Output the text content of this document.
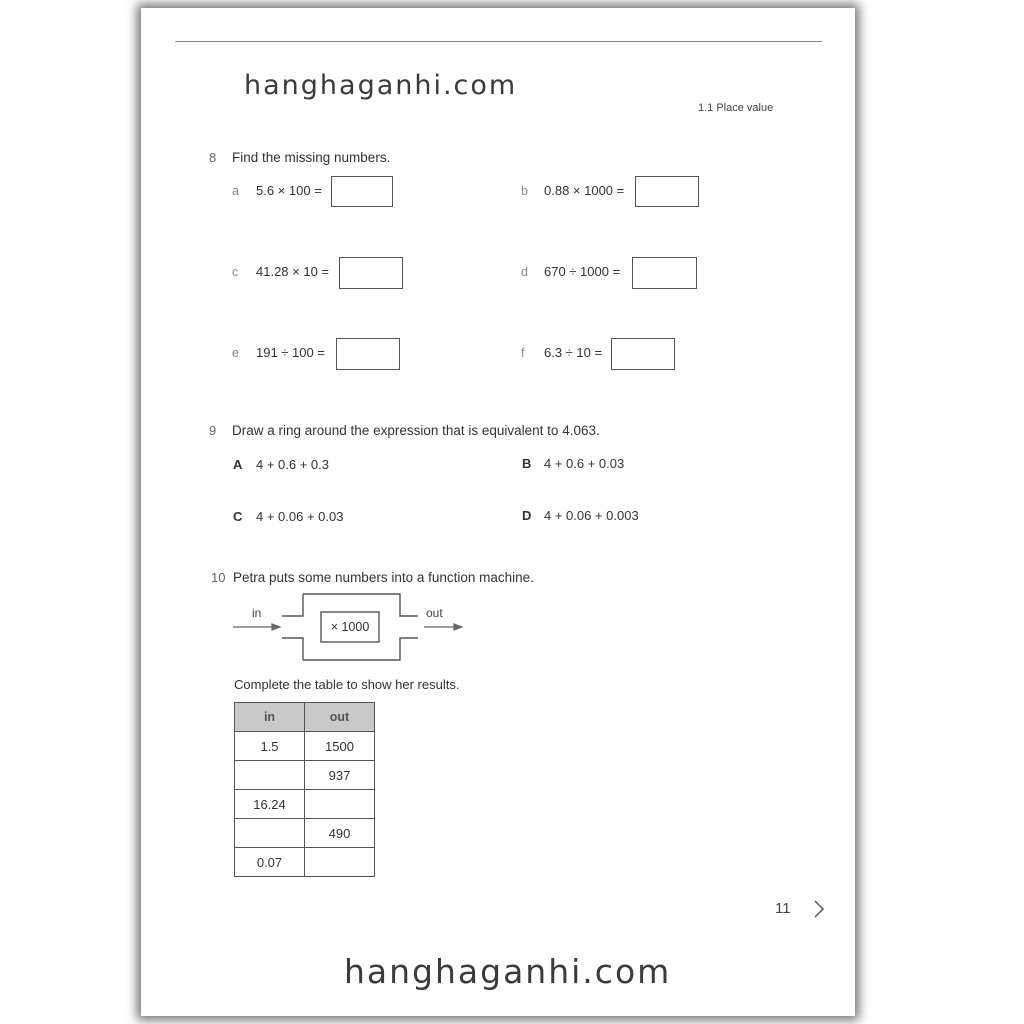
hanghaganhi.com
1.1 Place value
8 Find the missing numbers.
a 5.6 × 100 =	b 0.88 × 1000 =
c 41.28 × 10 =	d 670 ÷ 1000 =
e 191 ÷ 100 =	f 6.3 ÷ 10 =
9 Draw a ring around the expression that is equivalent to 4.063.
A 4 + 0.6 + 0.3	B 4 + 0.6 + 0.03
C 4 + 0.06 + 0.03	D 4 + 0.06 + 0.003
10 Petra puts some numbers into a function machine.
in	out
× 1000
Complete the table to show her results.
in	out
1.5	1500
	937
16.24	
	490
0.07	
11
hanghaganhi.com
